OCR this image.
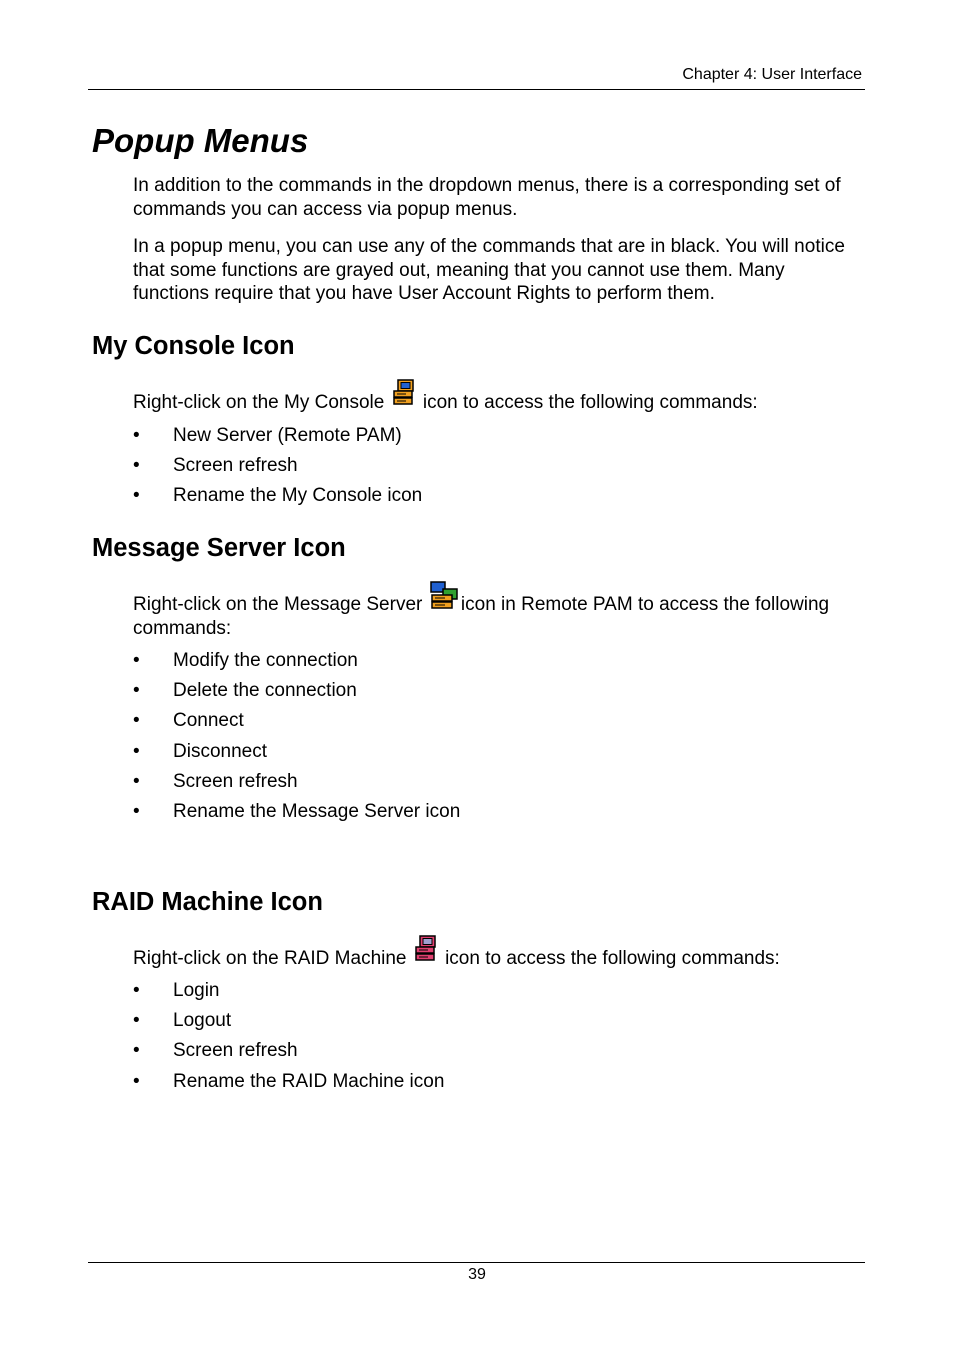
Chapter 4: User Interface
Popup Menus

In addition to the commands in the dropdown menus, there is a corresponding set of commands you can access via popup menus.

In a popup menu, you can use any of the commands that are in black. You will notice that some functions are grayed out, meaning that you cannot use them. Many functions require that you have User Account Rights to perform them.

My Console Icon

Right-click on the My Console icon to access the following commands:

• New Server (Remote PAM)
• Screen refresh
• Rename the My Console icon
Message Server Icon

Right-click on the Message Server icon in Remote PAM to access the following commands:

• Modify the connection
• Delete the connection
• Connect
• Disconnect
• Screen refresh
• Rename the Message Server icon
RAID Machine Icon

Right-click on the RAID Machine icon to access the following commands:

• Login
• Logout
• Screen refresh
• Rename the RAID Machine icon
39
